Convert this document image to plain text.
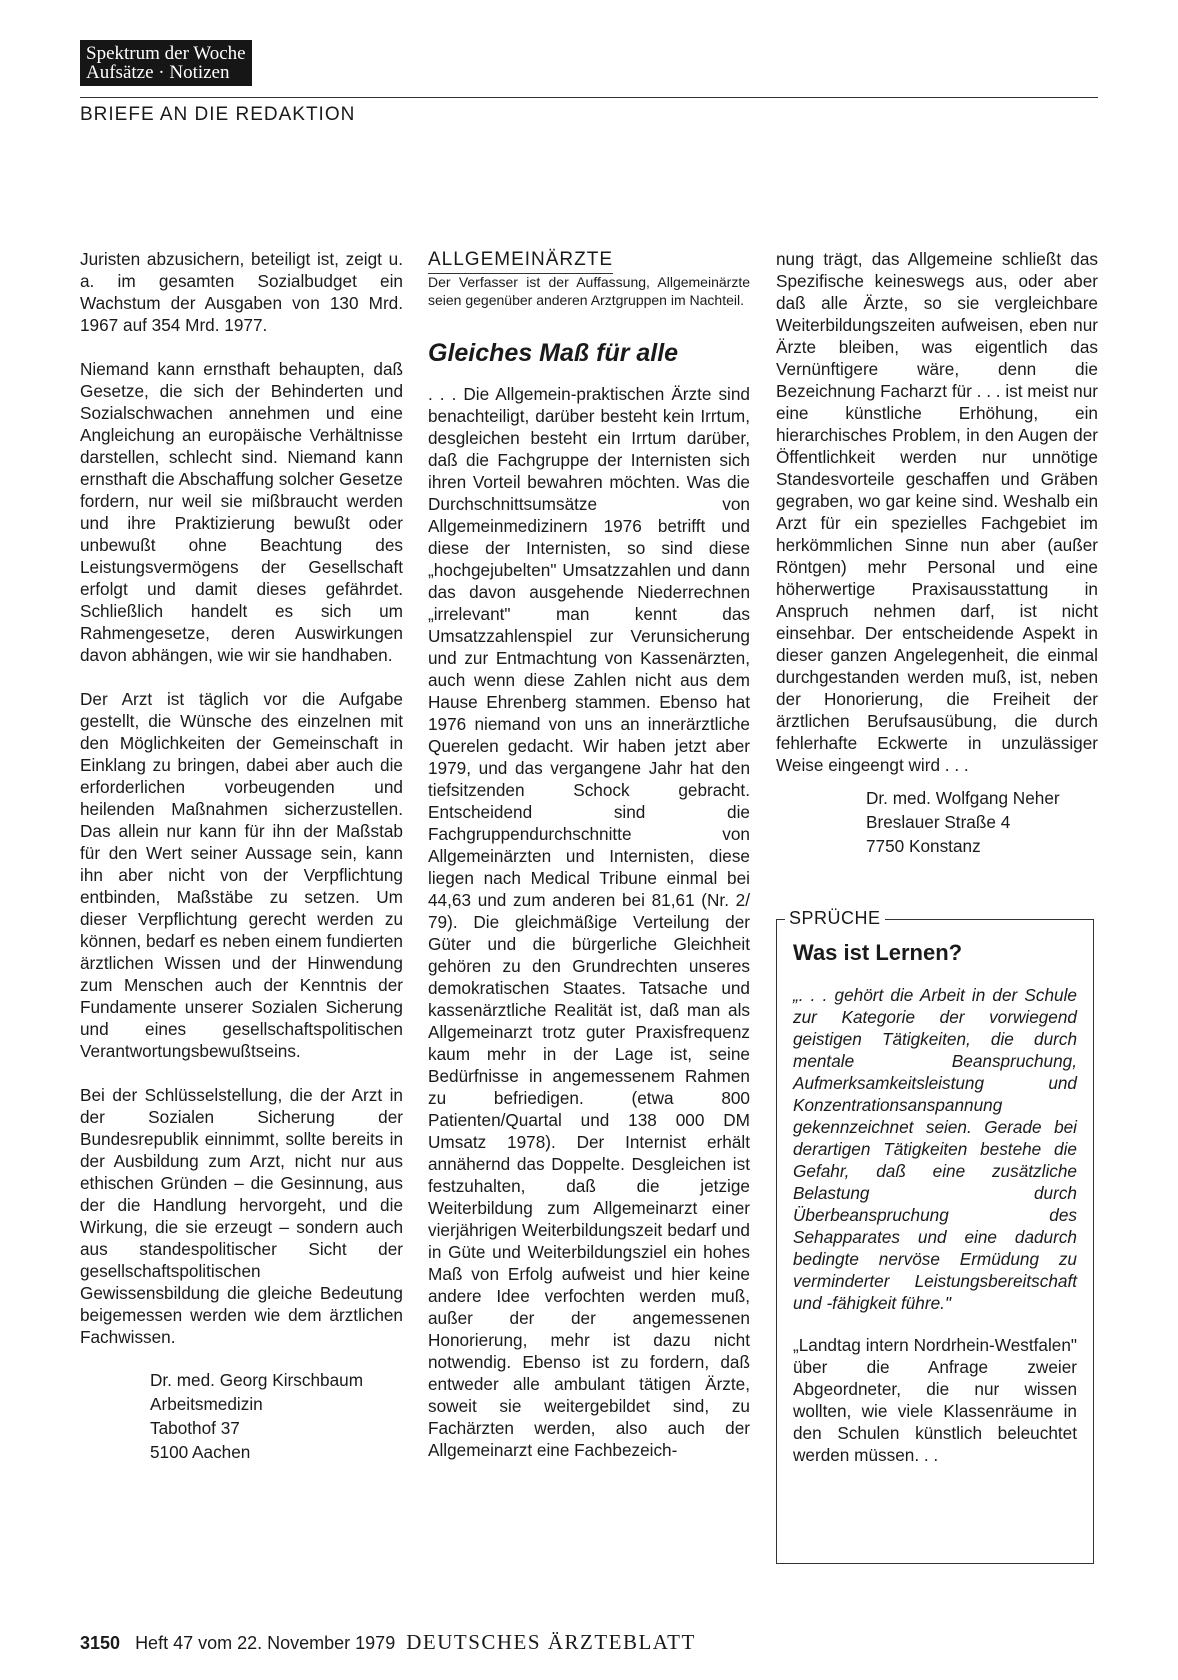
Spektrum der Woche
Aufsätze · Notizen
BRIEFE AN DIE REDAKTION

Juristen abzusichern, beteiligt ist, zeigt u. a. im gesamten Sozialbudget ein Wachstum der Ausgaben von 130 Mrd. 1967 auf 354 Mrd. 1977.

Niemand kann ernsthaft behaupten, daß Gesetze, die sich der Behinderten und Sozialschwachen annehmen und eine Angleichung an europäische Verhältnisse darstellen, schlecht sind. Niemand kann ernsthaft die Abschaffung solcher Gesetze fordern, nur weil sie mißbraucht werden und ihre Praktizierung bewußt oder unbewußt ohne Beachtung des Leistungsvermögens der Gesellschaft erfolgt und damit dieses gefährdet. Schließlich handelt es sich um Rahmengesetze, deren Auswirkungen davon abhängen, wie wir sie handhaben.

Der Arzt ist täglich vor die Aufgabe gestellt, die Wünsche des einzelnen mit den Möglichkeiten der Gemeinschaft in Einklang zu bringen, dabei aber auch die erforderlichen vorbeugenden und heilenden Maßnahmen sicherzustellen. Das allein nur kann für ihn der Maßstab für den Wert seiner Aussage sein, kann ihn aber nicht von der Verpflichtung entbinden, Maßstäbe zu setzen. Um dieser Verpflichtung gerecht werden zu können, bedarf es neben einem fundierten ärztlichen Wissen und der Hinwendung zum Menschen auch der Kenntnis der Fundamente unserer Sozialen Sicherung und eines gesellschaftspolitischen Verantwortungsbewußtseins.

Bei der Schlüsselstellung, die der Arzt in der Sozialen Sicherung der Bundesrepublik einnimmt, sollte bereits in der Ausbildung zum Arzt, nicht nur aus ethischen Gründen – die Gesinnung, aus der die Handlung hervorgeht, und die Wirkung, die sie erzeugt – sondern auch aus standespolitischer Sicht der gesellschaftspolitischen Gewissensbildung die gleiche Bedeutung beigemessen werden wie dem ärztlichen Fachwissen.

Dr. med. Georg Kirschbaum
Arbeitsmedizin
Tabothof 37
5100 Aachen
ALLGEMEINÄRZTE

Der Verfasser ist der Auffassung, Allgemeinärzte seien gegenüber anderen Arztgruppen im Nachteil.

Gleiches Maß für alle

. . . Die Allgemein-praktischen Ärzte sind benachteiligt, darüber besteht kein Irrtum, desgleichen besteht ein Irrtum darüber, daß die Fachgruppe der Internisten sich ihren Vorteil bewahren möchten. Was die Durchschnittsumsätze von Allgemeinmedizinern 1976 betrifft und diese der Internisten, so sind diese „hochgejubelten" Umsatzzahlen und dann das davon ausgehende Niederrechnen „irrelevant" man kennt das Umsatzzahlenspiel zur Verunsicherung und zur Entmachtung von Kassenärzten, auch wenn diese Zahlen nicht aus dem Hause Ehrenberg stammen. Ebenso hat 1976 niemand von uns an innerärztliche Querelen gedacht. Wir haben jetzt aber 1979, und das vergangene Jahr hat den tiefsitzenden Schock gebracht. Entscheidend sind die Fachgruppendurchschnitte von Allgemeinärzten und Internisten, diese liegen nach Medical Tribune einmal bei 44,63 und zum anderen bei 81,61 (Nr. 2/ 79). Die gleichmäßige Verteilung der Güter und die bürgerliche Gleichheit gehören zu den Grundrechten unseres demokratischen Staates. Tatsache und kassenärztliche Realität ist, daß man als Allgemeinarzt trotz guter Praxisfrequenz kaum mehr in der Lage ist, seine Bedürfnisse in angemessenem Rahmen zu befriedigen. (etwa 800 Patienten/Quartal und 138 000 DM Umsatz 1978). Der Internist erhält annähernd das Doppelte. Desgleichen ist festzuhalten, daß die jetzige Weiterbildung zum Allgemeinarzt einer vierjährigen Weiterbildungszeit bedarf und in Güte und Weiterbildungsziel ein hohes Maß von Erfolg aufweist und hier keine andere Idee verfochten werden muß, außer der der angemessenen Honorierung, mehr ist dazu nicht notwendig. Ebenso ist zu fordern, daß entweder alle ambulant tätigen Ärzte, soweit sie weitergebildet sind, zu Fachärzten werden, also auch der Allgemeinarzt eine Fachbezeich-

nung trägt, das Allgemeine schließt das Spezifische keineswegs aus, oder aber daß alle Ärzte, so sie vergleichbare Weiterbildungszeiten aufweisen, eben nur Ärzte bleiben, was eigentlich das Vernünftigere wäre, denn die Bezeichnung Facharzt für . . . ist meist nur eine künstliche Erhöhung, ein hierarchisches Problem, in den Augen der Öffentlichkeit werden nur unnötige Standesvorteile geschaffen und Gräben gegraben, wo gar keine sind. Weshalb ein Arzt für ein spezielles Fachgebiet im herkömmlichen Sinne nun aber (außer Röntgen) mehr Personal und eine höherwertige Praxisausstattung in Anspruch nehmen darf, ist nicht einsehbar. Der entscheidende Aspekt in dieser ganzen Angelegenheit, die einmal durchgestanden werden muß, ist, neben der Honorierung, die Freiheit der ärztlichen Berufsausübung, die durch fehlerhafte Eckwerte in unzulässiger Weise eingeengt wird . . .

Dr. med. Wolfgang Neher
Breslauer Straße 4
7750 Konstanz
SPRÜCHE
Was ist Lernen?

„. . . gehört die Arbeit in der Schule zur Kategorie der vorwiegend geistigen Tätigkeiten, die durch mentale Beanspruchung, Aufmerksamkeitsleistung und Konzentrationsanspannung gekennzeichnet seien. Gerade bei derartigen Tätigkeiten bestehe die Gefahr, daß eine zusätzliche Belastung durch Überbeanspruchung des Sehapparates und eine dadurch bedingte nervöse Ermüdung zu verminderter Leistungsbereitschaft und -fähigkeit führe."

„Landtag intern Nordrhein-Westfalen" über die Anfrage zweier Abgeordneter, die nur wissen wollten, wie viele Klassenräume in den Schulen künstlich beleuchtet werden müssen. . .

3150 Heft 47 vom 22. November 1979 DEUTSCHES ÄRZTEBLATT
